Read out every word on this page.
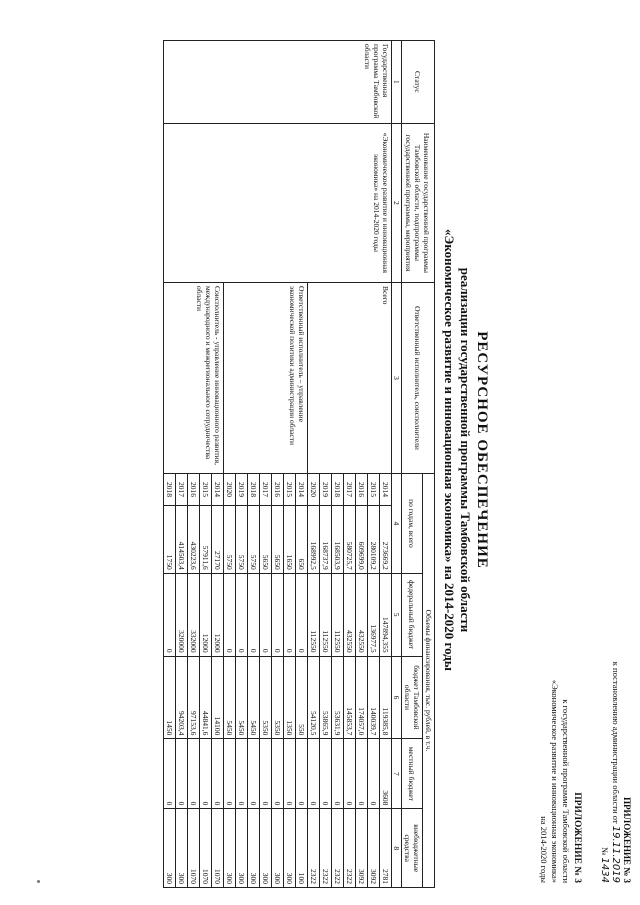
ПРИЛОЖЕНИЕ № 3
к постановлению администрации области от 19.11.2019
№ 1434
ПРИЛОЖЕНИЕ № 3
к государственной программе Тамбовской области
«Экономическое развитие и инновационная экономика»
на 2014-2020 годы
РЕСУРСНОЕ ОБЕСПЕЧЕНИЕ
реализации государственной программы Тамбовской области
«Экономическое развитие и инновационная экономика» на 2014-2020 годы
Статус	Наименование государственной программы Тамбовской области, подпрограммы государственной программы, мероприятия	Ответственный исполнитель, соисполнители	Объемы финансирования, тыс. рублей, в т.ч.					
			по годам, всего		федеральный бюджет	бюджет Тамбовской области	местный бюджет	внебюджетные средства
1	2	3	4		5	6	7	8
Государственная программа Тамбовской области	«Экономическое развитие и инновационная экономика» на 2014-2020 годы	Всего	2014	273669,2	147894,355	119385,8	3608	2781
			2015	280109,2	136977,5	140039,7	0	3092
			2016	609699,0	432550	174057,0	0	3092
			2017	580725,7	432550	145853,7	0	2322
			2018	168503,9	112550	53631,9	0	2322
			2019	168737,9	112550	53865,9	0	2322
			2020	168992,5	112550	54120,5	0	2322
		Ответственный исполнитель – управление экономической политики администрации области	2014	650	0	550	0	100
			2015	1650	0	1350	0	300
			2016	5650	0	5350	0	300
			2017	5650	0	5350	0	300
			2018	5750	0	5450	0	300
			2019	5750	0	5450	0	300
			2020	5750	0	5450	0	300
		Соисполнитель - управление инновационного развития, международного и межрегионального сотрудничества области	2014	27170	12000	14100	0	1070
			2015	57911,6	12000	44841,6	0	1070
			2016	430223,6	332000	97153,6	0	1070
			2017	414503,4	320000	94203,4	0	300
			2018	1750	0	1450	0	300
